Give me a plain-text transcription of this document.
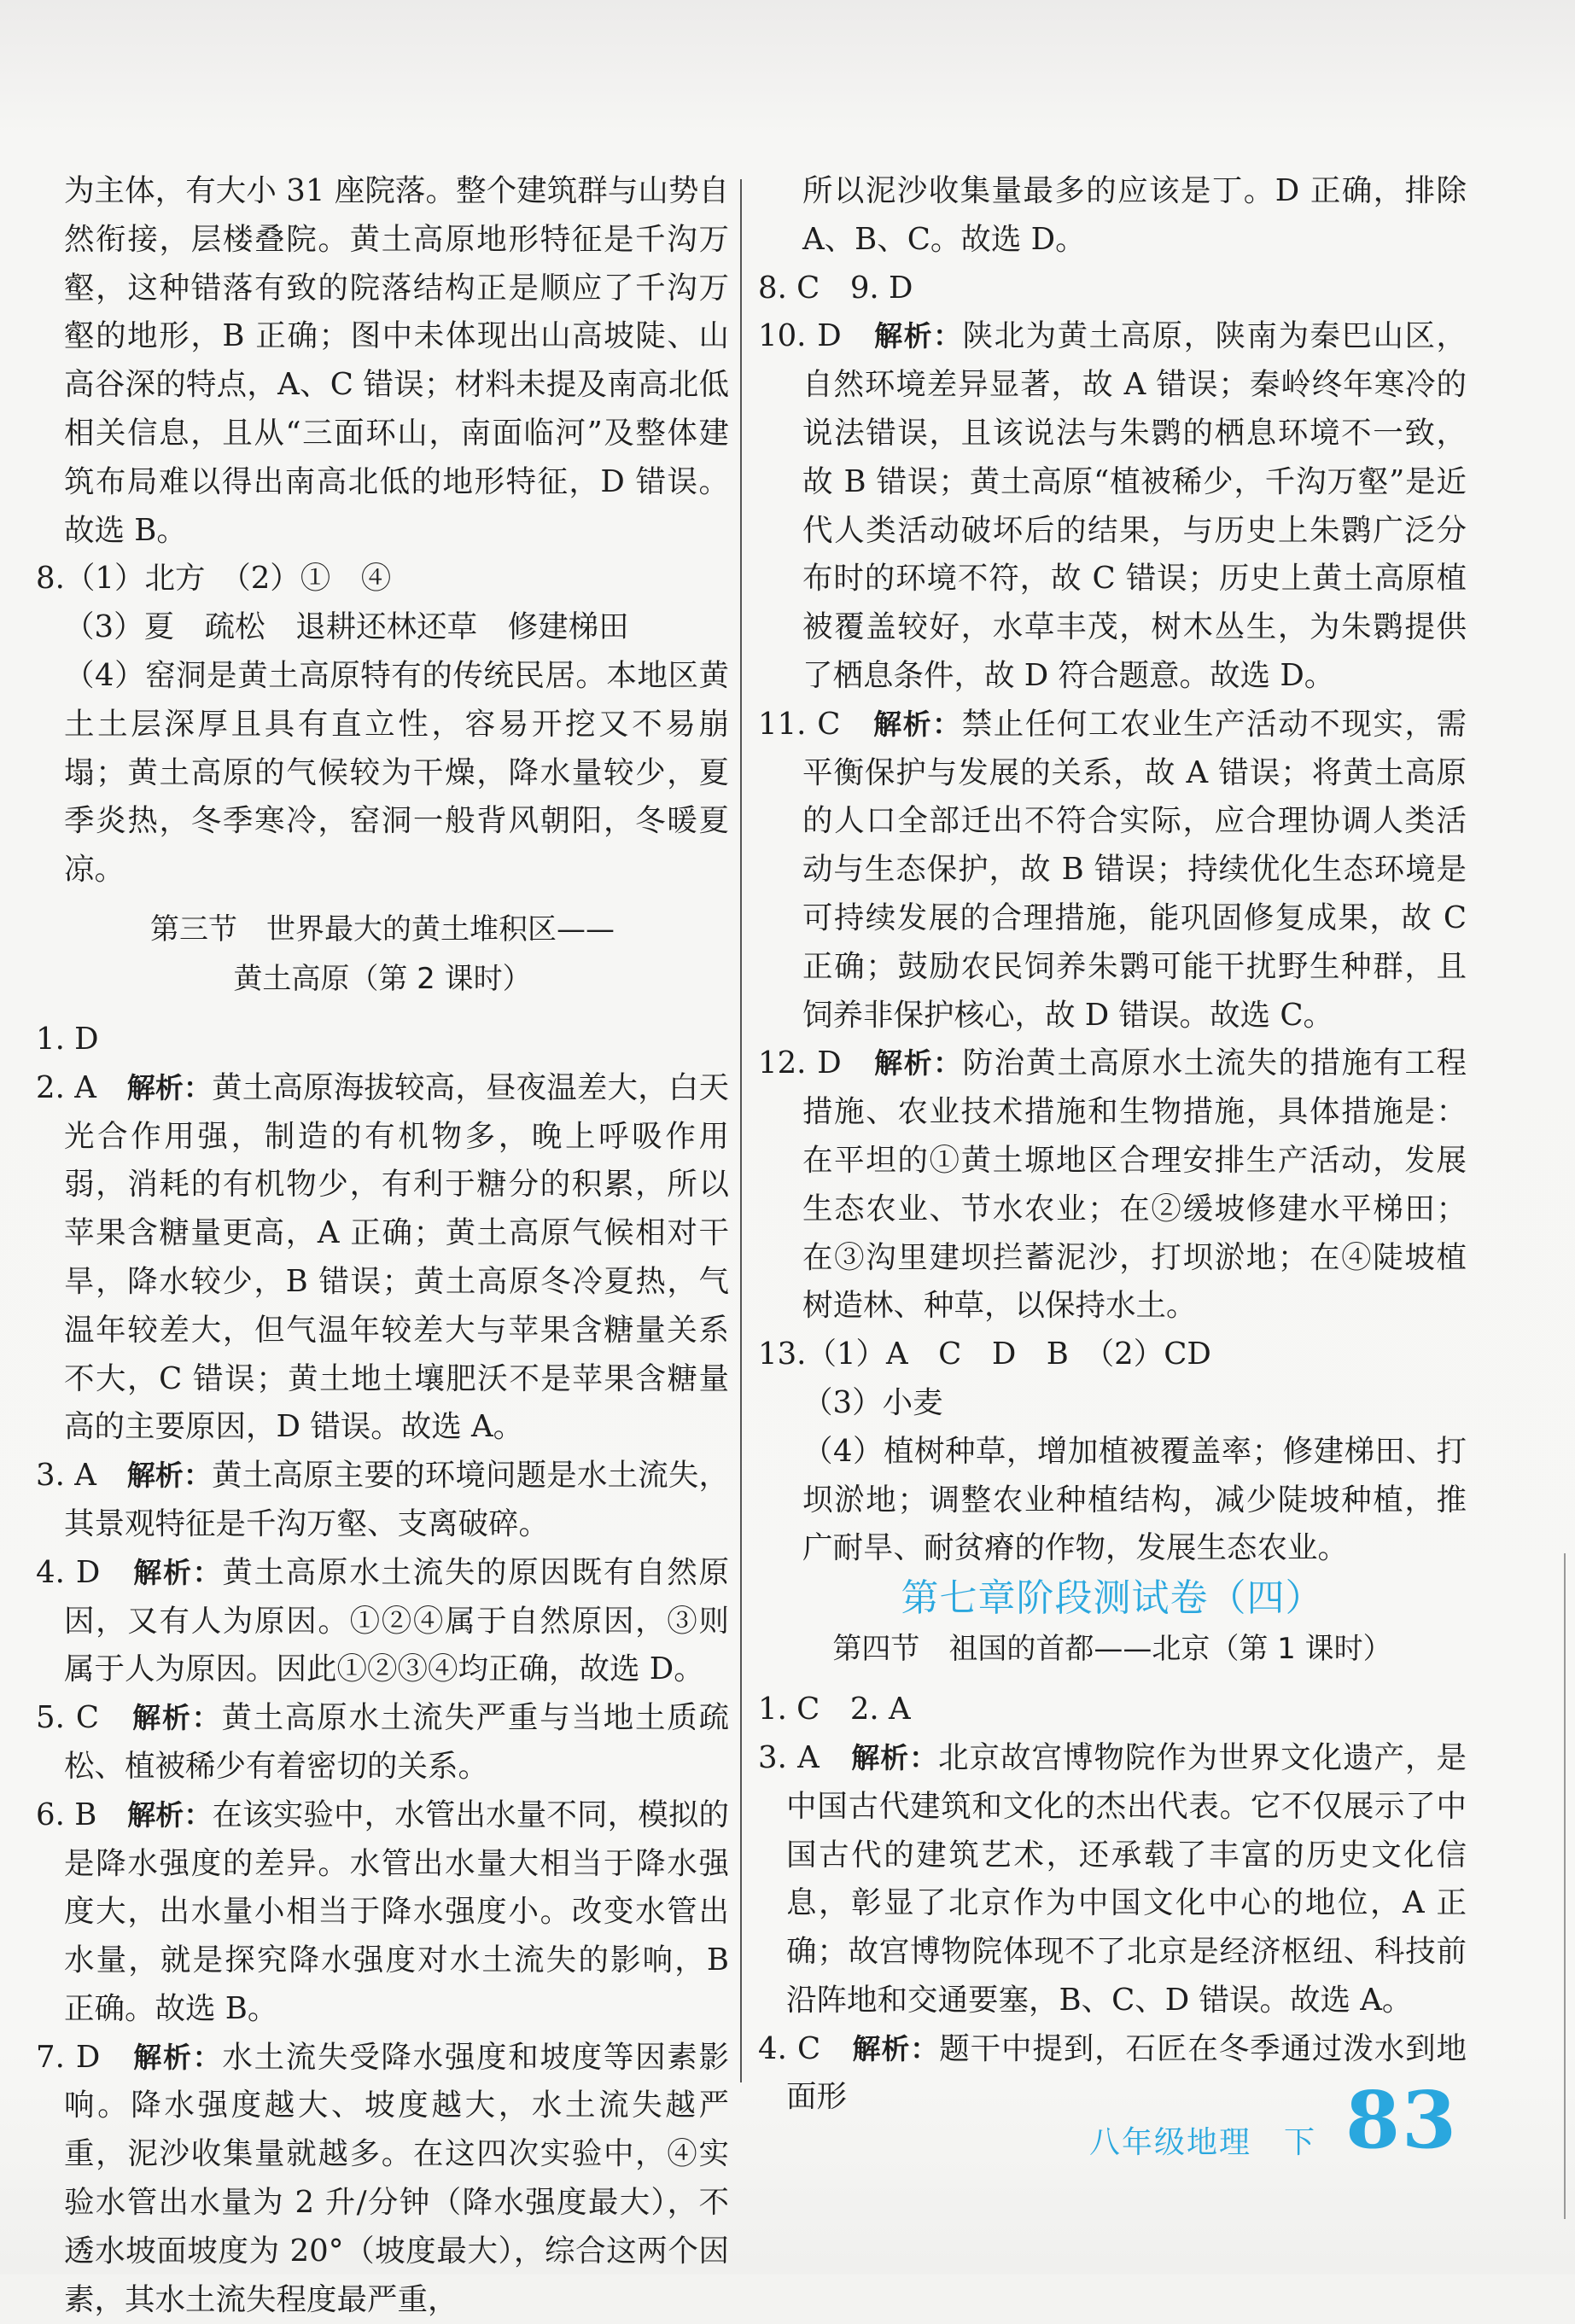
为主体，有大小 31 座院落。整个建筑群与山势自然衔接，层楼叠院。黄土高原地形特征是千沟万壑，这种错落有致的院落结构正是顺应了千沟万壑的地形，B 正确；图中未体现出山高坡陡、山高谷深的特点，A、C 错误；材料未提及南高北低相关信息，且从“三面环山，南面临河”及整体建筑布局难以得出南高北低的地形特征，D 错误。故选 B。
8.（1）北方　（2）①　④
（3）夏　疏松　退耕还林还草　修建梯田
（4）窑洞是黄土高原特有的传统民居。本地区黄土土层深厚且具有直立性，容易开挖又不易崩塌；黄土高原的气候较为干燥，降水量较少，夏季炎热，冬季寒冷，窑洞一般背风朝阳，冬暖夏凉。
第三节　世界最大的黄土堆积区——
黄土高原（第 2 课时）
1. D
2. A　解析：黄土高原海拔较高，昼夜温差大，白天光合作用强，制造的有机物多，晚上呼吸作用弱，消耗的有机物少，有利于糖分的积累，所以苹果含糖量更高，A 正确；黄土高原气候相对干旱，降水较少，B 错误；黄土高原冬冷夏热，气温年较差大，但气温年较差大与苹果含糖量关系不大，C 错误；黄土地土壤肥沃不是苹果含糖量高的主要原因，D 错误。故选 A。
3. A　解析：黄土高原主要的环境问题是水土流失，其景观特征是千沟万壑、支离破碎。
4. D　解析：黄土高原水土流失的原因既有自然原因，又有人为原因。①②④属于自然原因，③则属于人为原因。因此①②③④均正确，故选 D。
5. C　解析：黄土高原水土流失严重与当地土质疏松、植被稀少有着密切的关系。
6. B　解析：在该实验中，水管出水量不同，模拟的是降水强度的差异。水管出水量大相当于降水强度大，出水量小相当于降水强度小。改变水管出水量，就是探究降水强度对水土流失的影响，B 正确。故选 B。
7. D　解析：水土流失受降水强度和坡度等因素影响。降水强度越大、坡度越大，水土流失越严重，泥沙收集量就越多。在这四次实验中，④实验水管出水量为 2 升/分钟（降水强度最大），不透水坡面坡度为 20°（坡度最大），综合这两个因素，其水土流失程度最严重，
所以泥沙收集量最多的应该是丁。D 正确，排除 A、B、C。故选 D。
8. C　9. D
10. D　解析：陕北为黄土高原，陕南为秦巴山区，自然环境差异显著，故 A 错误；秦岭终年寒冷的说法错误，且该说法与朱鹮的栖息环境不一致，故 B 错误；黄土高原“植被稀少，千沟万壑”是近代人类活动破坏后的结果，与历史上朱鹮广泛分布时的环境不符，故 C 错误；历史上黄土高原植被覆盖较好，水草丰茂，树木丛生，为朱鹮提供了栖息条件，故 D 符合题意。故选 D。
11. C　解析：禁止任何工农业生产活动不现实，需平衡保护与发展的关系，故 A 错误；将黄土高原的人口全部迁出不符合实际，应合理协调人类活动与生态保护，故 B 错误；持续优化生态环境是可持续发展的合理措施，能巩固修复成果，故 C 正确；鼓励农民饲养朱鹮可能干扰野生种群，且饲养非保护核心，故 D 错误。故选 C。
12. D　解析：防治黄土高原水土流失的措施有工程措施、农业技术措施和生物措施，具体措施是：在平坦的①黄土塬地区合理安排生产活动，发展生态农业、节水农业；在②缓坡修建水平梯田；在③沟里建坝拦蓄泥沙，打坝淤地；在④陡坡植树造林、种草，以保持水土。
13.（1）A　C　D　B　（2）CD
（3）小麦
（4）植树种草，增加植被覆盖率；修建梯田、打坝淤地；调整农业种植结构，减少陡坡种植，推广耐旱、耐贫瘠的作物，发展生态农业。
第七章阶段测试卷（四）
第四节　祖国的首都——北京（第 1 课时）
1. C　2. A
3. A　解析：北京故宫博物院作为世界文化遗产，是中国古代建筑和文化的杰出代表。它不仅展示了中国古代的建筑艺术，还承载了丰富的历史文化信息，彰显了北京作为中国文化中心的地位，A 正确；故宫博物院体现不了北京是经济枢纽、科技前沿阵地和交通要塞，B、C、D 错误。故选 A。
4. C　解析：题干中提到，石匠在冬季通过泼水到地面形
八年级地理　下 83
